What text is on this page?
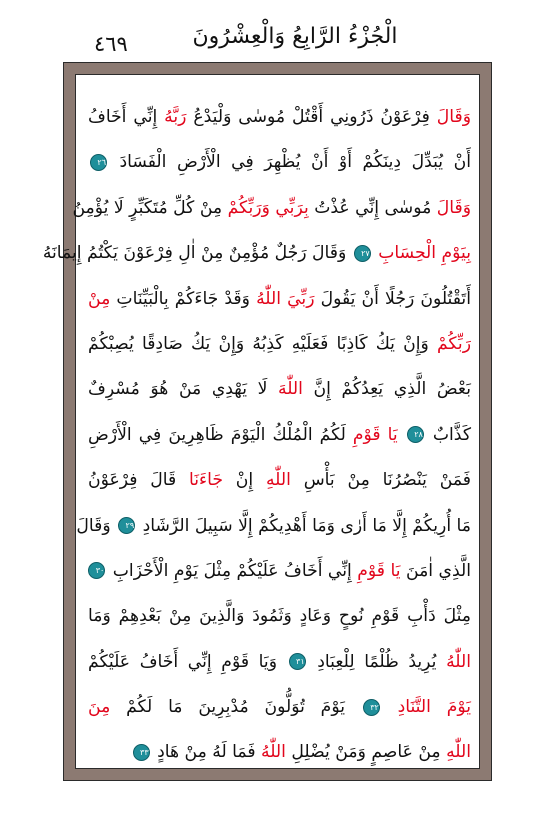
٤٦٩	الْجُزْءُ الرَّابِعُ وَالْعِشْرُونَ
وَقَالَ فِرْعَوْنُ ذَرُونِي أَقْتُلْ مُوسٰى وَلْيَدْعُ رَبَّهُ إِنِّي أَخَافُ
أَنْ يُبَدِّلَ دِينَكُمْ أَوْ أَنْ يُظْهِرَ فِي الْأَرْضِ الْفَسَادَ ٢٦
وَقَالَ مُوسٰى إِنِّي عُذْتُ بِرَبِّي وَرَبِّكُمْ مِنْ كُلِّ مُتَكَبِّرٍ لَا يُؤْمِنُ
بِيَوْمِ الْحِسَابِ ٢٧ وَقَالَ رَجُلٌ مُؤْمِنٌ مِنْ اٰلِ فِرْعَوْنَ يَكْتُمُ إِيمَانَهُ
أَتَقْتُلُونَ رَجُلًا أَنْ يَقُولَ رَبِّيَ اللّٰهُ وَقَدْ جَاءَكُمْ بِالْبَيِّنَاتِ مِنْ
رَبِّكُمْ وَإِنْ يَكُ كَاذِبًا فَعَلَيْهِ كَذِبُهُ وَإِنْ يَكُ صَادِقًا يُصِبْكُمْ
بَعْضُ الَّذِي يَعِدُكُمْ إِنَّ اللّٰهَ لَا يَهْدِي مَنْ هُوَ مُسْرِفٌ
كَذَّابٌ ٢٨ يَا قَوْمِ لَكُمُ الْمُلْكُ الْيَوْمَ ظَاهِرِينَ فِي الْأَرْضِ
فَمَنْ يَنْصُرُنَا مِنْ بَأْسِ اللّٰهِ إِنْ جَاءَنَا قَالَ فِرْعَوْنُ
مَا أُرِيكُمْ إِلَّا مَا أَرٰى وَمَا أَهْدِيكُمْ إِلَّا سَبِيلَ الرَّشَادِ ٢٩ وَقَالَ
الَّذِي اٰمَنَ يَا قَوْمِ إِنِّي أَخَافُ عَلَيْكُمْ مِثْلَ يَوْمِ الْأَحْزَابِ ٣٠
مِثْلَ دَأْبِ قَوْمِ نُوحٍ وَعَادٍ وَثَمُودَ وَالَّذِينَ مِنْ بَعْدِهِمْ وَمَا
اللّٰهُ يُرِيدُ ظُلْمًا لِلْعِبَادِ ٣١ وَيَا قَوْمِ إِنِّي أَخَافُ عَلَيْكُمْ
يَوْمَ التَّنَادِ ٣٢ يَوْمَ تُوَلُّونَ مُدْبِرِينَ مَا لَكُمْ مِنَ
اللّٰهِ مِنْ عَاصِمٍ وَمَنْ يُضْلِلِ اللّٰهُ فَمَا لَهُ مِنْ هَادٍ ٣٣
